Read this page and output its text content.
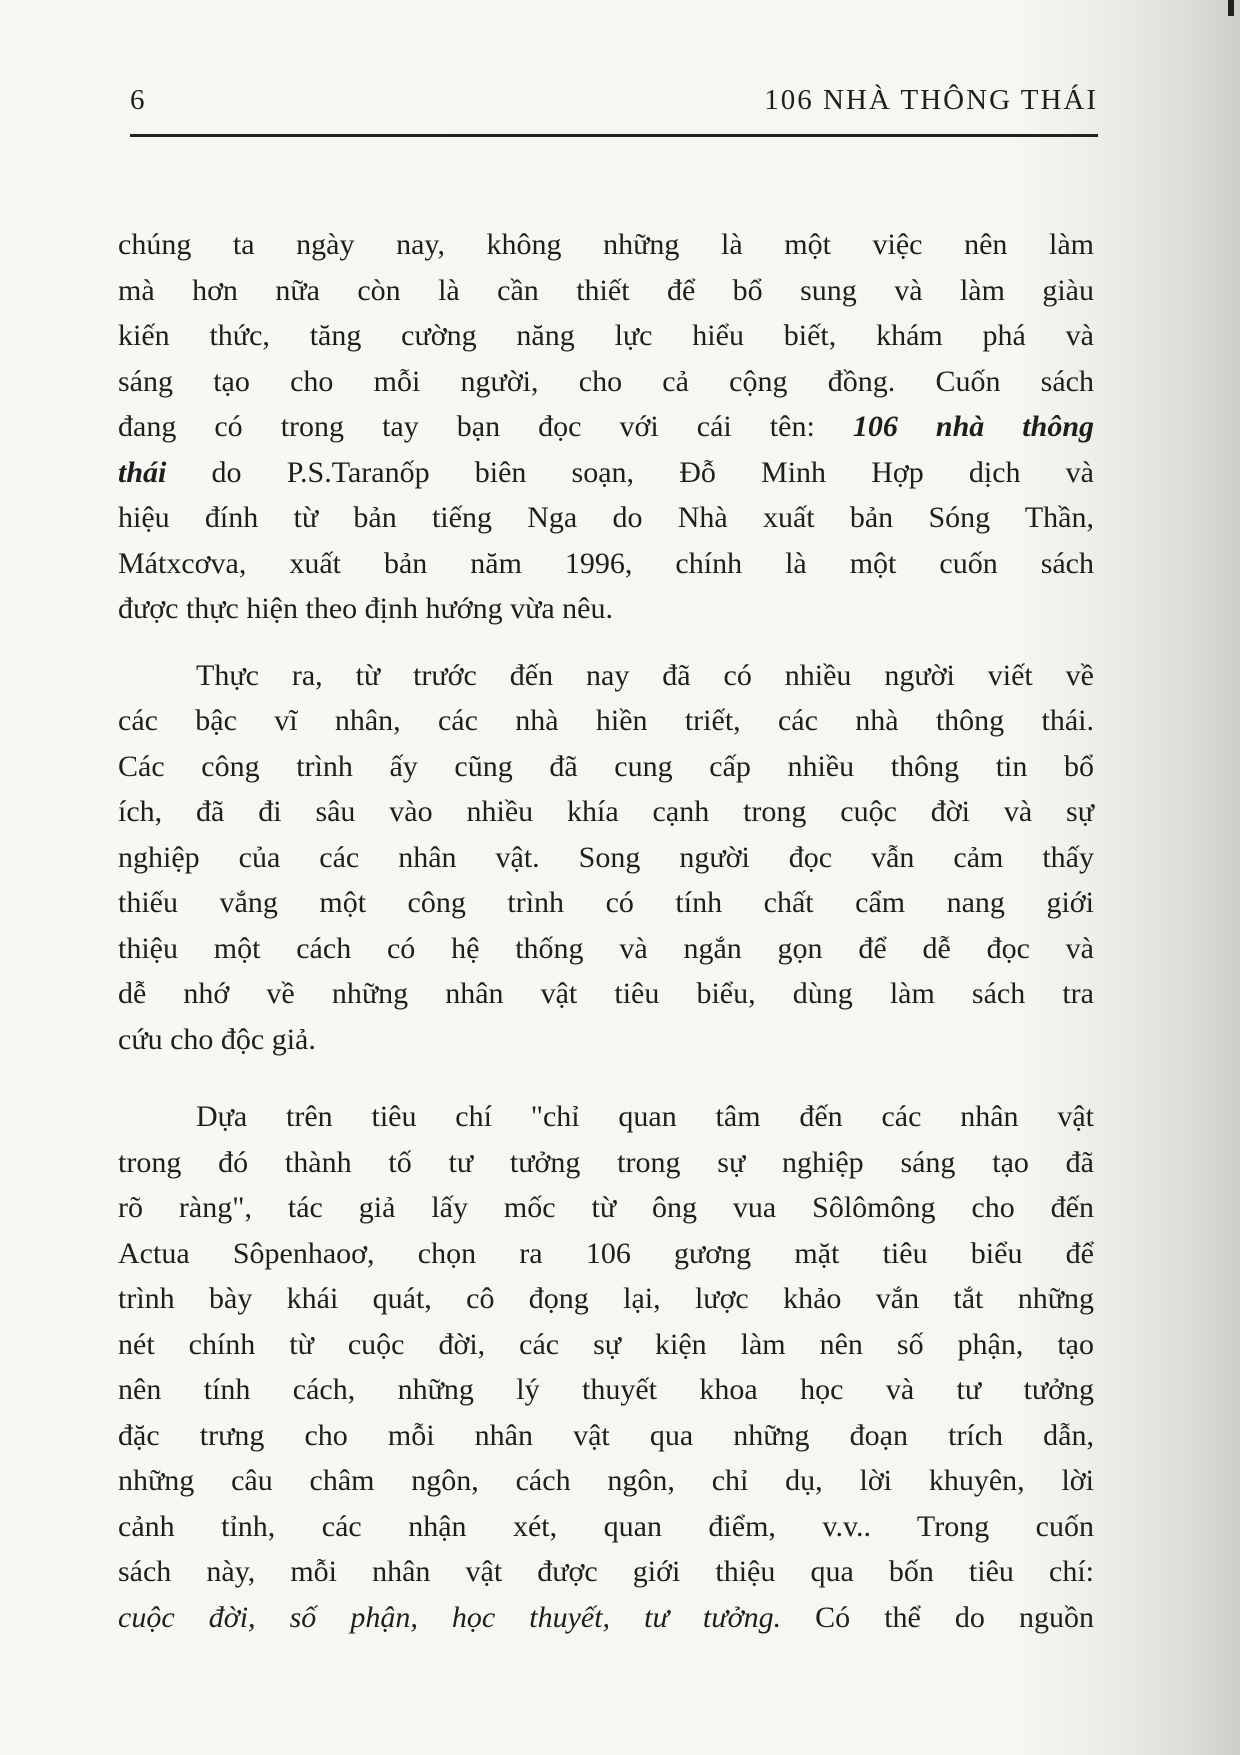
6	106 NHÀ THÔNG THÁI
chúng ta ngày nay, không những là một việc nên làm
mà hơn nữa còn là cần thiết để bổ sung và làm giàu
kiến thức, tăng cường năng lực hiểu biết, khám phá và
sáng tạo cho mỗi người, cho cả cộng đồng. Cuốn sách
đang có trong tay bạn đọc với cái tên: 106 nhà thông
thái do P.S.Taranốp biên soạn, Đỗ Minh Hợp dịch và
hiệu đính từ bản tiếng Nga do Nhà xuất bản Sóng Thần,
Mátxcơva, xuất bản năm 1996, chính là một cuốn sách
được thực hiện theo định hướng vừa nêu.
Thực ra, từ trước đến nay đã có nhiều người viết về
các bậc vĩ nhân, các nhà hiền triết, các nhà thông thái.
Các công trình ấy cũng đã cung cấp nhiều thông tin bổ
ích, đã đi sâu vào nhiều khía cạnh trong cuộc đời và sự
nghiệp của các nhân vật. Song người đọc vẫn cảm thấy
thiếu vắng một công trình có tính chất cẩm nang giới
thiệu một cách có hệ thống và ngắn gọn để dễ đọc và
dễ nhớ về những nhân vật tiêu biểu, dùng làm sách tra
cứu cho độc giả.
Dựa trên tiêu chí "chỉ quan tâm đến các nhân vật
trong đó thành tố tư tưởng trong sự nghiệp sáng tạo đã
rõ ràng", tác giả lấy mốc từ ông vua Sôlômông cho đến
Actua Sôpenhaoơ, chọn ra 106 gương mặt tiêu biểu để
trình bày khái quát, cô đọng lại, lược khảo vắn tắt những
nét chính từ cuộc đời, các sự kiện làm nên số phận, tạo
nên tính cách, những lý thuyết khoa học và tư tưởng
đặc trưng cho mỗi nhân vật qua những đoạn trích dẫn,
những câu châm ngôn, cách ngôn, chỉ dụ, lời khuyên, lời
cảnh tỉnh, các nhận xét, quan điểm, v.v.. Trong cuốn
sách này, mỗi nhân vật được giới thiệu qua bốn tiêu chí:
cuộc đời, số phận, học thuyết, tư tưởng. Có thể do nguồn
